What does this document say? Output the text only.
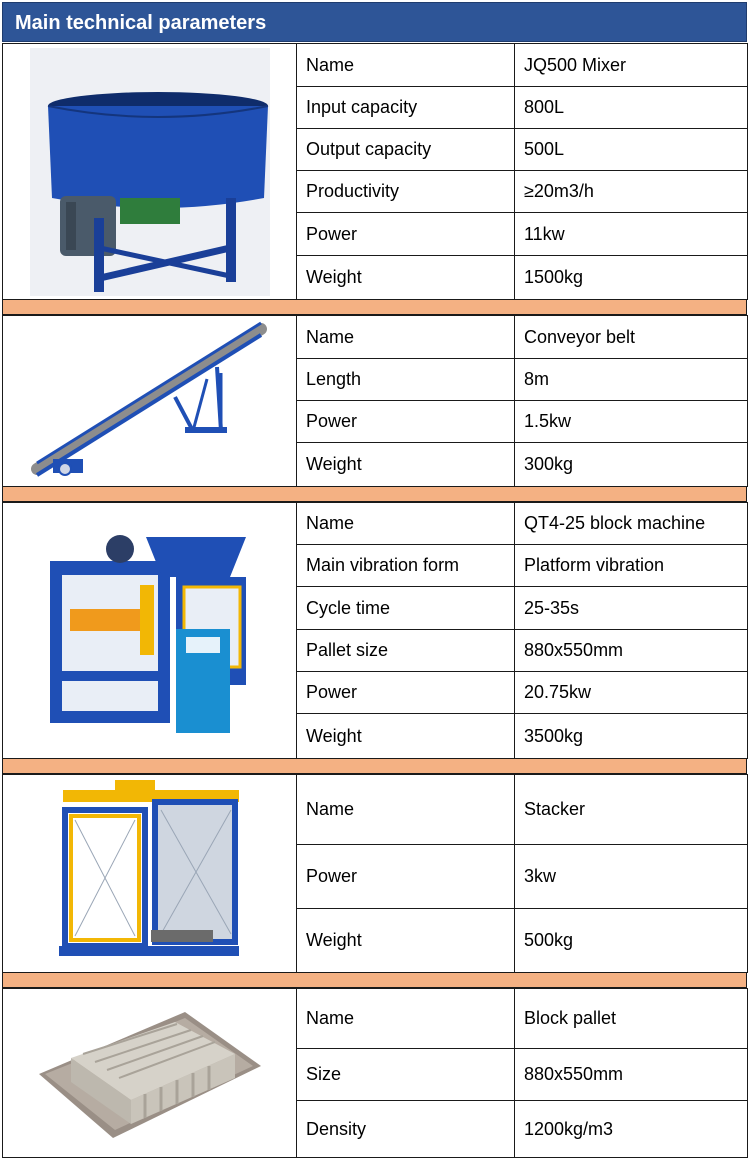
Main technical parameters
	Name	JQ500 Mixer
	Input capacity	800L
	Output capacity	500L
	Productivity	≥20m3/h
	Power	11kw
	Weight	1500kg
	Name	Conveyor belt
	Length	8m
	Power	1.5kw
	Weight	300kg
	Name	QT4-25 block machine
	Main vibration form	Platform vibration
	Cycle time	25-35s
	Pallet size	880x550mm
	Power	20.75kw
	Weight	3500kg
	Name	Stacker
	Power	3kw
	Weight	500kg
	Name	Block pallet
	Size	880x550mm
	Density	1200kg/m3
